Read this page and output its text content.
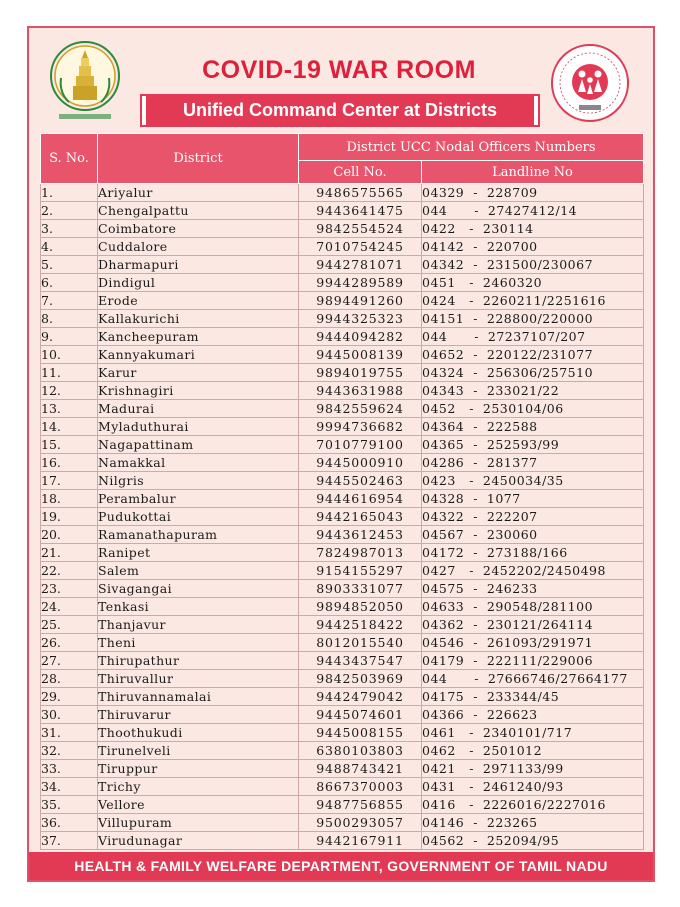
COVID-19 WAR ROOM
Unified Command Center at Districts
S. No.	District	District UCC Nodal Officers Numbers	
		Cell No.	Landline No
1.	Ariyalur	9486575565	04329  -  228709
2.	Chengalpattu	9443641475	044      -  27427412/14
3.	Coimbatore	9842554524	0422   -  230114
4.	Cuddalore	7010754245	04142  -  220700
5.	Dharmapuri	9442781071	04342  -  231500/230067
6.	Dindigul	9944289589	0451   -  2460320
7.	Erode	9894491260	0424   -  2260211/2251616
8.	Kallakurichi	9944325323	04151  -  228800/220000
9.	Kancheepuram	9444094282	044      -  27237107/207
10.	Kannyakumari	9445008139	04652  -  220122/231077
11.	Karur	9894019755	04324  -  256306/257510
12.	Krishnagiri	9443631988	04343  -  233021/22
13.	Madurai	9842559624	0452   -  2530104/06
14.	Myladuthurai	9994736682	04364  -  222588
15.	Nagapattinam	7010779100	04365  -  252593/99
16.	Namakkal	9445000910	04286  -  281377
17.	Nilgris	9445502463	0423   -  2450034/35
18.	Perambalur	9444616954	04328  -  1077
19.	Pudukottai	9442165043	04322  -  222207
20.	Ramanathapuram	9443612453	04567  -  230060
21.	Ranipet	7824987013	04172  -  273188/166
22.	Salem	9154155297	0427   -  2452202/2450498
23.	Sivagangai	8903331077	04575  -  246233
24.	Tenkasi	9894852050	04633  -  290548/281100
25.	Thanjavur	9442518422	04362  -  230121/264114
26.	Theni	8012015540	04546  -  261093/291971
27.	Thirupathur	9443437547	04179  -  222111/229006
28.	Thiruvallur	9842503969	044      -  27666746/27664177
29.	Thiruvannamalai	9442479042	04175  -  233344/45
30.	Thiruvarur	9445074601	04366  -  226623
31.	Thoothukudi	9445008155	0461   -  2340101/717
32.	Tirunelveli	6380103803	0462   -  2501012
33.	Tiruppur	9488743421	0421   -  2971133/99
34.	Trichy	8667370003	0431   -  2461240/93
35.	Vellore	9487756855	0416   -  2226016/2227016
36.	Villupuram	9500293057	04146  -  223265
37.	Virudunagar	9442167911	04562  -  252094/95
HEALTH & FAMILY WELFARE DEPARTMENT, GOVERNMENT OF TAMIL NADU
